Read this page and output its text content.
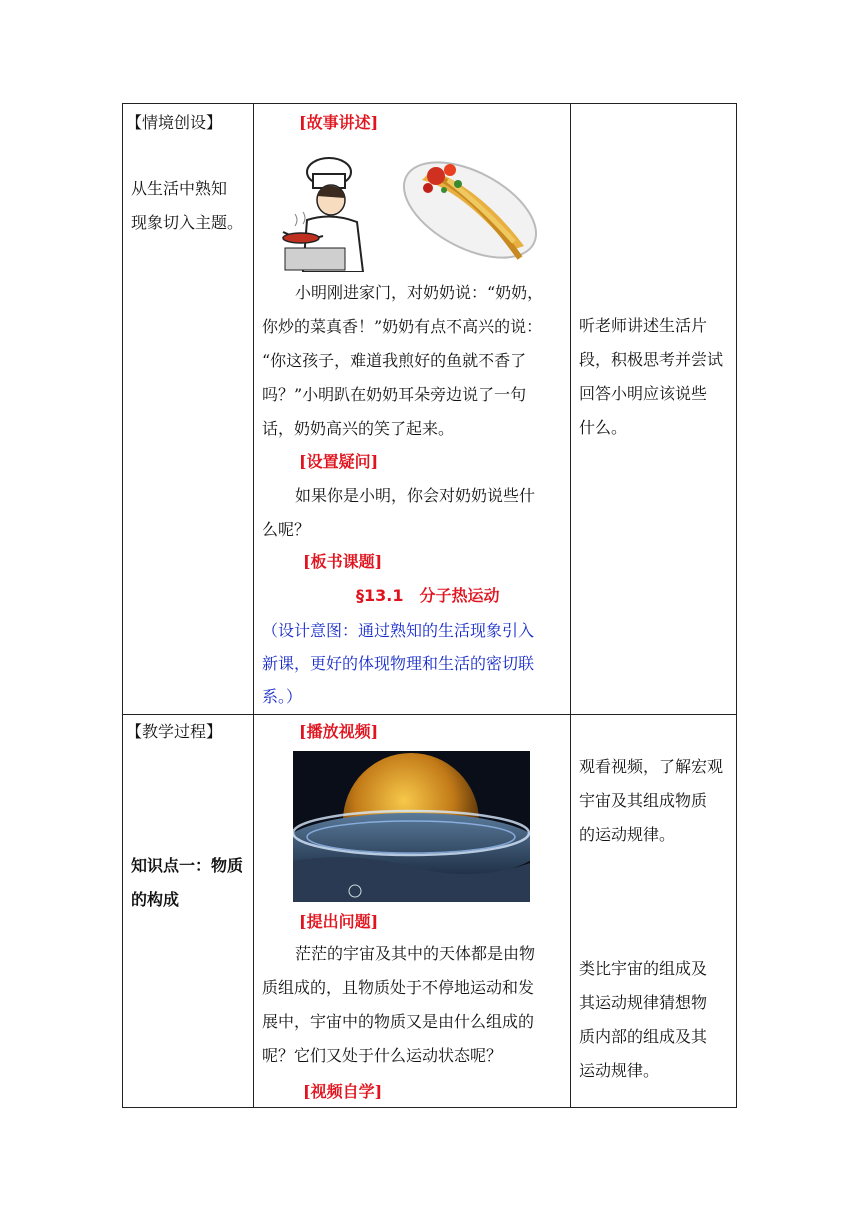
【情境创设】
从生活中熟知
现象切入主题。
[故事讲述]
小明刚进家门，对奶奶说：“奶奶，
你炒的菜真香！”奶奶有点不高兴的说：
“你这孩子，难道我煎好的鱼就不香了
吗？”小明趴在奶奶耳朵旁边说了一句
话，奶奶高兴的笑了起来。
[设置疑问]
如果你是小明，你会对奶奶说些什
么呢？
[板书课题]
§13.1　分子热运动
（设计意图：通过熟知的生活现象引入
新课，更好的体现物理和生活的密切联
系。）
听老师讲述生活片
段，积极思考并尝试
回答小明应该说些
什么。
【教学过程】
知识点一：物质
的构成
[播放视频]
[提出问题]
茫茫的宇宙及其中的天体都是由物
质组成的，且物质处于不停地运动和发
展中，宇宙中的物质又是由什么组成的
呢？它们又处于什么运动状态呢？
[视频自学]
观看视频，了解宏观
宇宙及其组成物质
的运动规律。
类比宇宙的组成及
其运动规律猜想物
质内部的组成及其
运动规律。
